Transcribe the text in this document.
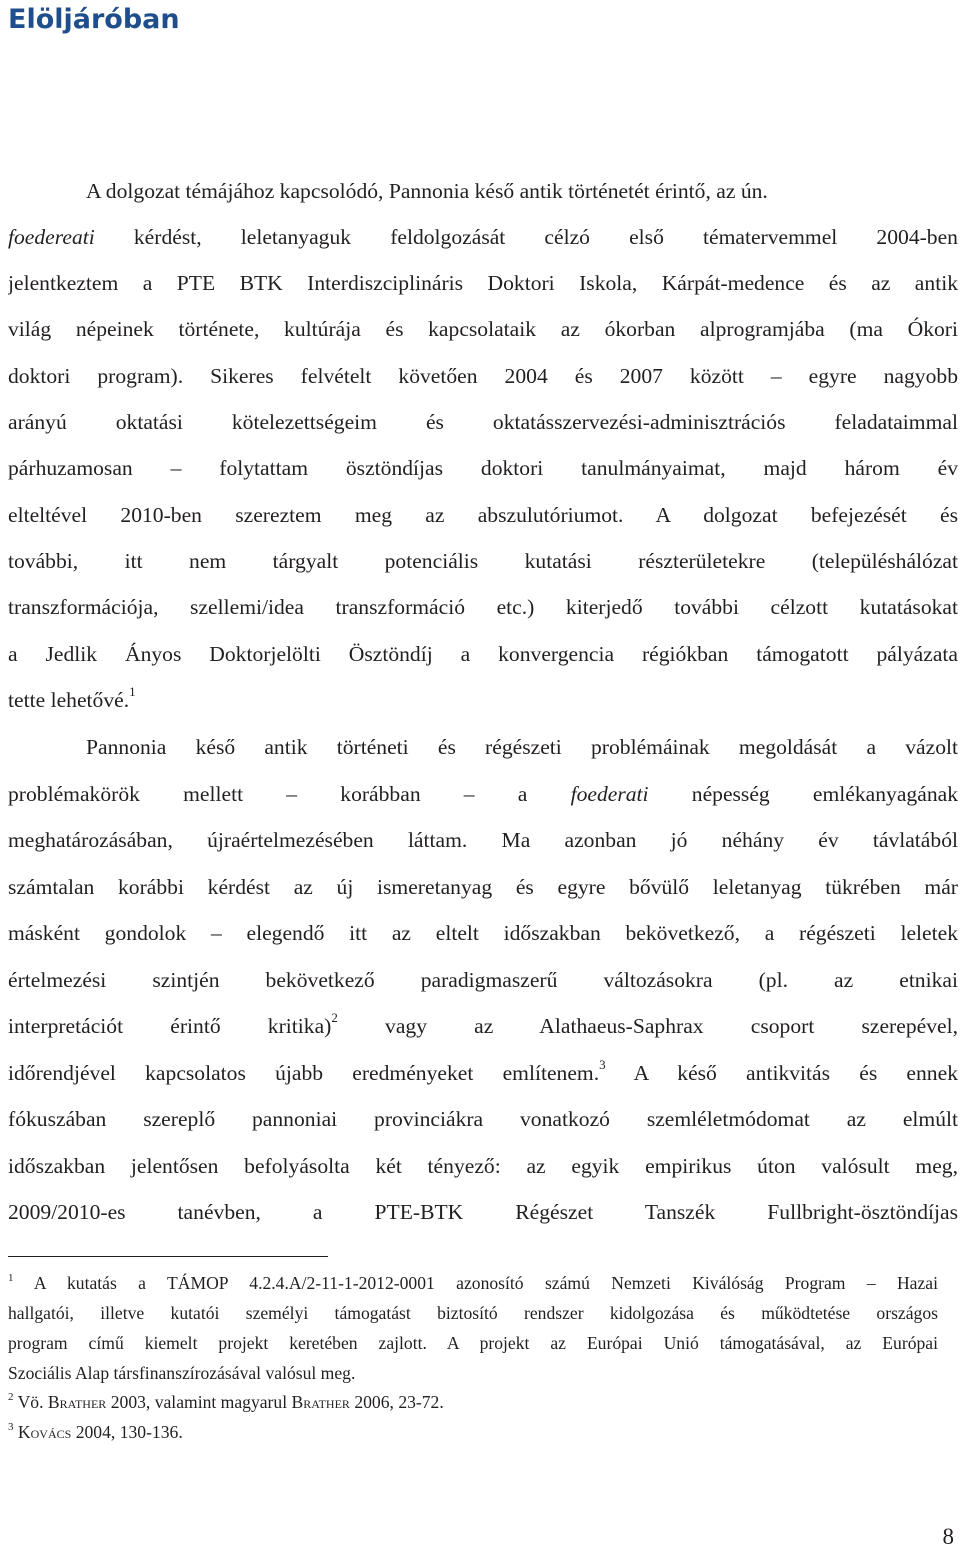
Elöljáróban
A dolgozat témájához kapcsolódó, Pannonia késő antik történetét érintő, az ún.
foedereati kérdést, leletanyaguk feldolgozását célzó első tématervemmel 2004-ben
jelentkeztem a PTE BTK Interdiszciplináris Doktori Iskola, Kárpát-medence és az antik
világ népeinek története, kultúrája és kapcsolataik az ókorban alprogramjába (ma Ókori
doktori program). Sikeres felvételt követően 2004 és 2007 között – egyre nagyobb
arányú oktatási kötelezettségeim és oktatásszervezési-adminisztrációs feladataimmal
párhuzamosan – folytattam ösztöndíjas doktori tanulmányaimat, majd három év
elteltével 2010-ben szereztem meg az abszulutóriumot. A dolgozat befejezését és
további, itt nem tárgyalt potenciális kutatási részterületekre (településhálózat
transzformációja, szellemi/idea transzformáció etc.) kiterjedő további célzott kutatásokat
a Jedlik Ányos Doktorjelölti Ösztöndíj a konvergencia régiókban támogatott pályázata
tette lehetővé.$^1$
Pannonia késő antik történeti és régészeti problémáinak megoldását a vázolt
problémakörök mellett – korábban – a foederati népesség emlékanyagának
meghatározásában, újraértelmezésében láttam. Ma azonban jó néhány év távlatából
számtalan korábbi kérdést az új ismeretanyag és egyre bővülő leletanyag tükrében már
másként gondolok – elegendő itt az eltelt időszakban bekövetkező, a régészeti leletek
értelmezési szintjén bekövetkező paradigmaszerű változásokra (pl. az etnikai
interpretációt érintő kritika)$^2$ vagy az Alathaeus-Saphrax csoport szerepével,
időrendjével kapcsolatos újabb eredményeket említenem.$^3$ A késő antikvitás és ennek
fókuszában szereplő pannoniai provinciákra vonatkozó szemléletmódomat az elmúlt
időszakban jelentősen befolyásolta két tényező: az egyik empirikus úton valósult meg,
2009/2010-es tanévben, a PTE-BTK Régészet Tanszék Fullbright-ösztöndíjas
$^1$ A kutatás a TÁMOP 4.2.4.A/2-11-1-2012-0001 azonosító számú Nemzeti Kiválóság Program – Hazai
hallgatói, illetve kutatói személyi támogatást biztosító rendszer kidolgozása és működtetése országos
program című kiemelt projekt keretében zajlott. A projekt az Európai Unió támogatásával, az Európai
Szociális Alap társfinanszírozásával valósul meg.
$^2$ Vö. Brather 2003, valamint magyarul Brather 2006, 23-72.
$^3$ Kovács 2004, 130-136.
8
